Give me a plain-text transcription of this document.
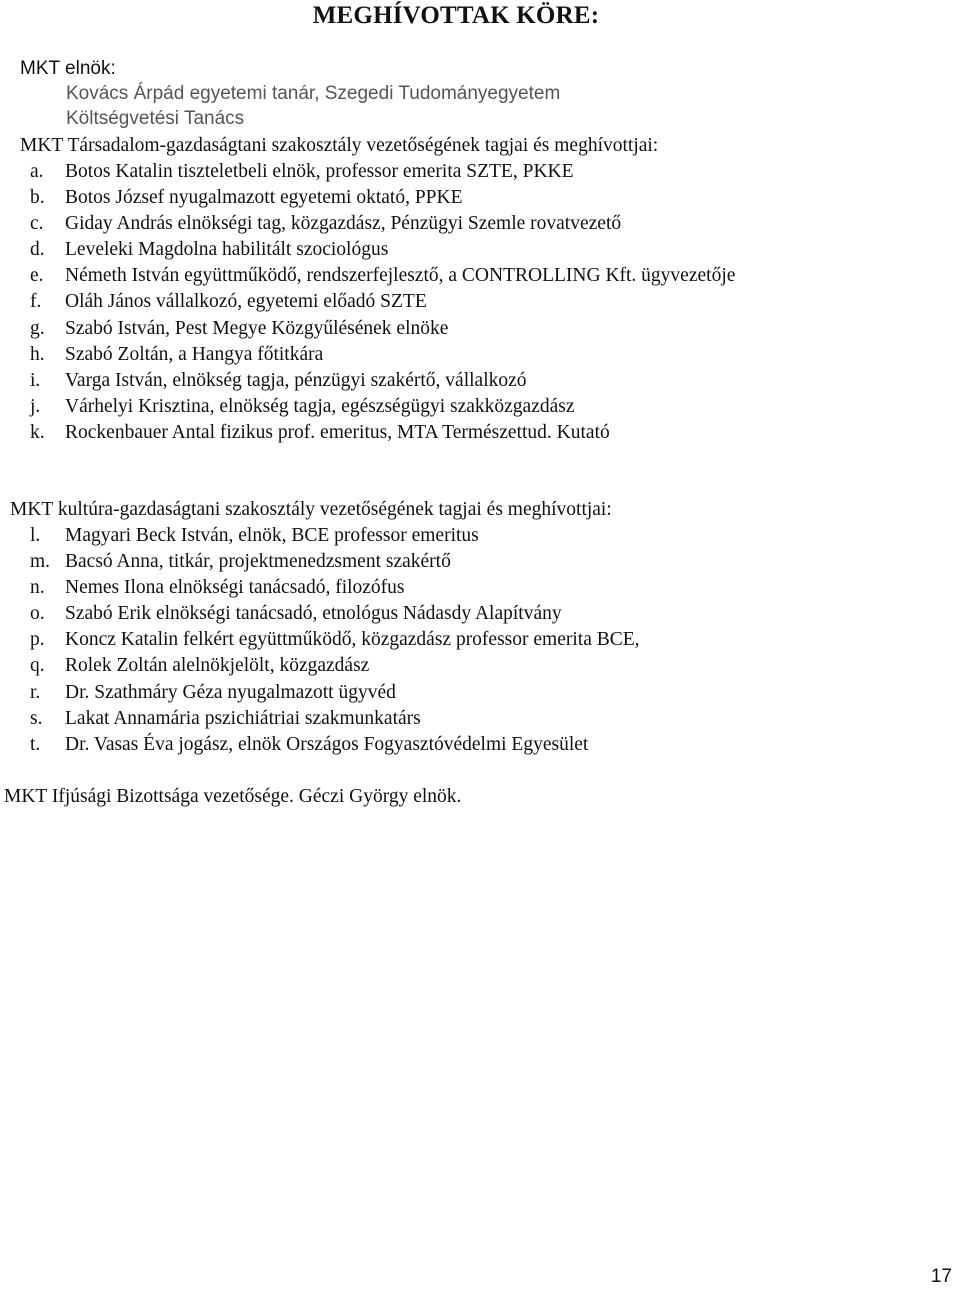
MEGHÍVOTTAK KÖRE:
MKT elnök:
Kovács Árpád egyetemi tanár, Szegedi Tudományegyetem
Költségvetési Tanács
MKT Társadalom-gazdaságtani szakosztály vezetőségének tagjai és meghívottjai:
a. Botos Katalin tiszteletbeli elnök, professor emerita SZTE, PKKE
b. Botos József nyugalmazott egyetemi oktató, PPKE
c. Giday András elnökségi tag, közgazdász, Pénzügyi Szemle rovatvezető
d. Leveleki Magdolna habilitált szociológus
e. Németh István együttműködő, rendszerfejlesztő, a CONTROLLING Kft. ügyvezetője
f. Oláh János vállalkozó, egyetemi előadó SZTE
g. Szabó István, Pest Megye Közgyűlésének elnöke
h. Szabó Zoltán, a Hangya főtitkára
i. Varga István, elnökség tagja, pénzügyi szakértő, vállalkozó
j. Várhelyi Krisztina, elnökség tagja, egészségügyi szakközgazdász
k. Rockenbauer Antal fizikus prof. emeritus, MTA Természettud. Kutató
MKT kultúra-gazdaságtani szakosztály vezetőségének tagjai és meghívottjai:
l. Magyari Beck István, elnök, BCE professor emeritus
m. Bacsó Anna, titkár, projektmenedzsment szakértő
n. Nemes Ilona elnökségi tanácsadó, filozófus
o. Szabó Erik elnökségi tanácsadó, etnológus Nádasdy Alapítvány
p. Koncz Katalin felkért együttműködő, közgazdász professor emerita BCE,
q. Rolek Zoltán alelnökjelölt, közgazdász
r. Dr. Szathmáry Géza nyugalmazott ügyvéd
s. Lakat Annamária pszichiátriai szakmunkatárs
t. Dr. Vasas Éva jogász, elnök Országos Fogyasztóvédelmi Egyesület
MKT Ifjúsági Bizottsága vezetősége. Géczi György elnök.
17
